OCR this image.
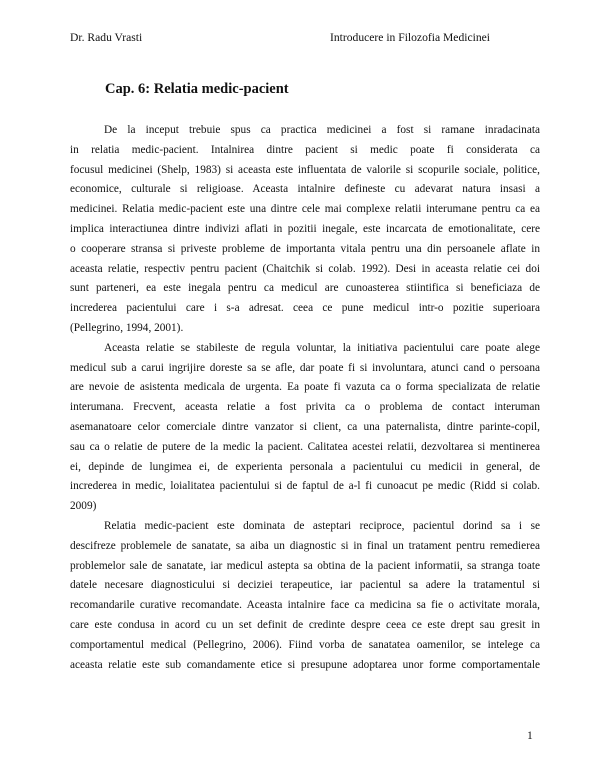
Dr. Radu Vrasti	Introducere in Filozofia Medicinei
Cap. 6: Relatia medic-pacient
De la inceput trebuie spus ca practica medicinei a fost si ramane inradacinata
in relatia medic-pacient. Intalnirea dintre pacient si medic poate fi considerata ca
focusul medicinei (Shelp, 1983) si aceasta este influentata de valorile si scopurile sociale, politice,
economice, culturale si religioase. Aceasta intalnire defineste cu adevarat natura insasi a
medicinei. Relatia medic-pacient este una dintre cele mai complexe relatii interumane pentru ca ea
implica interactiunea dintre indivizi aflati in pozitii inegale, este incarcata de emotionalitate, cere
o cooperare stransa si priveste probleme de importanta vitala pentru una din persoanele aflate in
aceasta relatie, respectiv pentru pacient (Chaitchik si colab. 1992). Desi in aceasta relatie cei doi
sunt parteneri, ea este inegala pentru ca medicul are cunoasterea stiintifica si beneficiaza de
increderea pacientului care i s-a adresat. ceea ce pune medicul intr-o pozitie superioara
(Pellegrino, 1994, 2001).
Aceasta relatie se stabileste de regula voluntar, la initiativa pacientului care poate alege
medicul sub a carui ingrijire doreste sa se afle, dar poate fi si involuntara, atunci cand o persoana
are nevoie de asistenta medicala de urgenta. Ea poate fi vazuta ca o forma specializata de relatie
interumana. Frecvent, aceasta relatie a fost privita ca o problema de contact interuman
asemanatoare celor comerciale dintre vanzator si client, ca una paternalista, dintre parinte-copil,
sau ca o relatie de putere de la medic la pacient. Calitatea acestei relatii, dezvoltarea si mentinerea
ei, depinde de lungimea ei, de experienta personala a pacientului cu medicii in general, de
increderea in medic, loialitatea pacientului si de faptul de a-l fi cunoacut pe medic (Ridd si colab.
2009)
Relatia medic-pacient este dominata de asteptari reciproce, pacientul dorind sa i se
descifreze problemele de sanatate, sa aiba un diagnostic si in final un tratament pentru remedierea
problemelor sale de sanatate, iar medicul astepta sa obtina de la pacient informatii, sa stranga toate
datele necesare diagnosticului si deciziei terapeutice, iar pacientul sa adere la tratamentul si
recomandarile curative recomandate. Aceasta intalnire face ca medicina sa fie o activitate morala,
care este condusa in acord cu un set definit de credinte despre ceea ce este drept sau gresit in
comportamentul medical (Pellegrino, 2006). Fiind vorba de sanatatea oamenilor, se intelege ca
aceasta relatie este sub comandamente etice si presupune adoptarea unor forme comportamentale
1
